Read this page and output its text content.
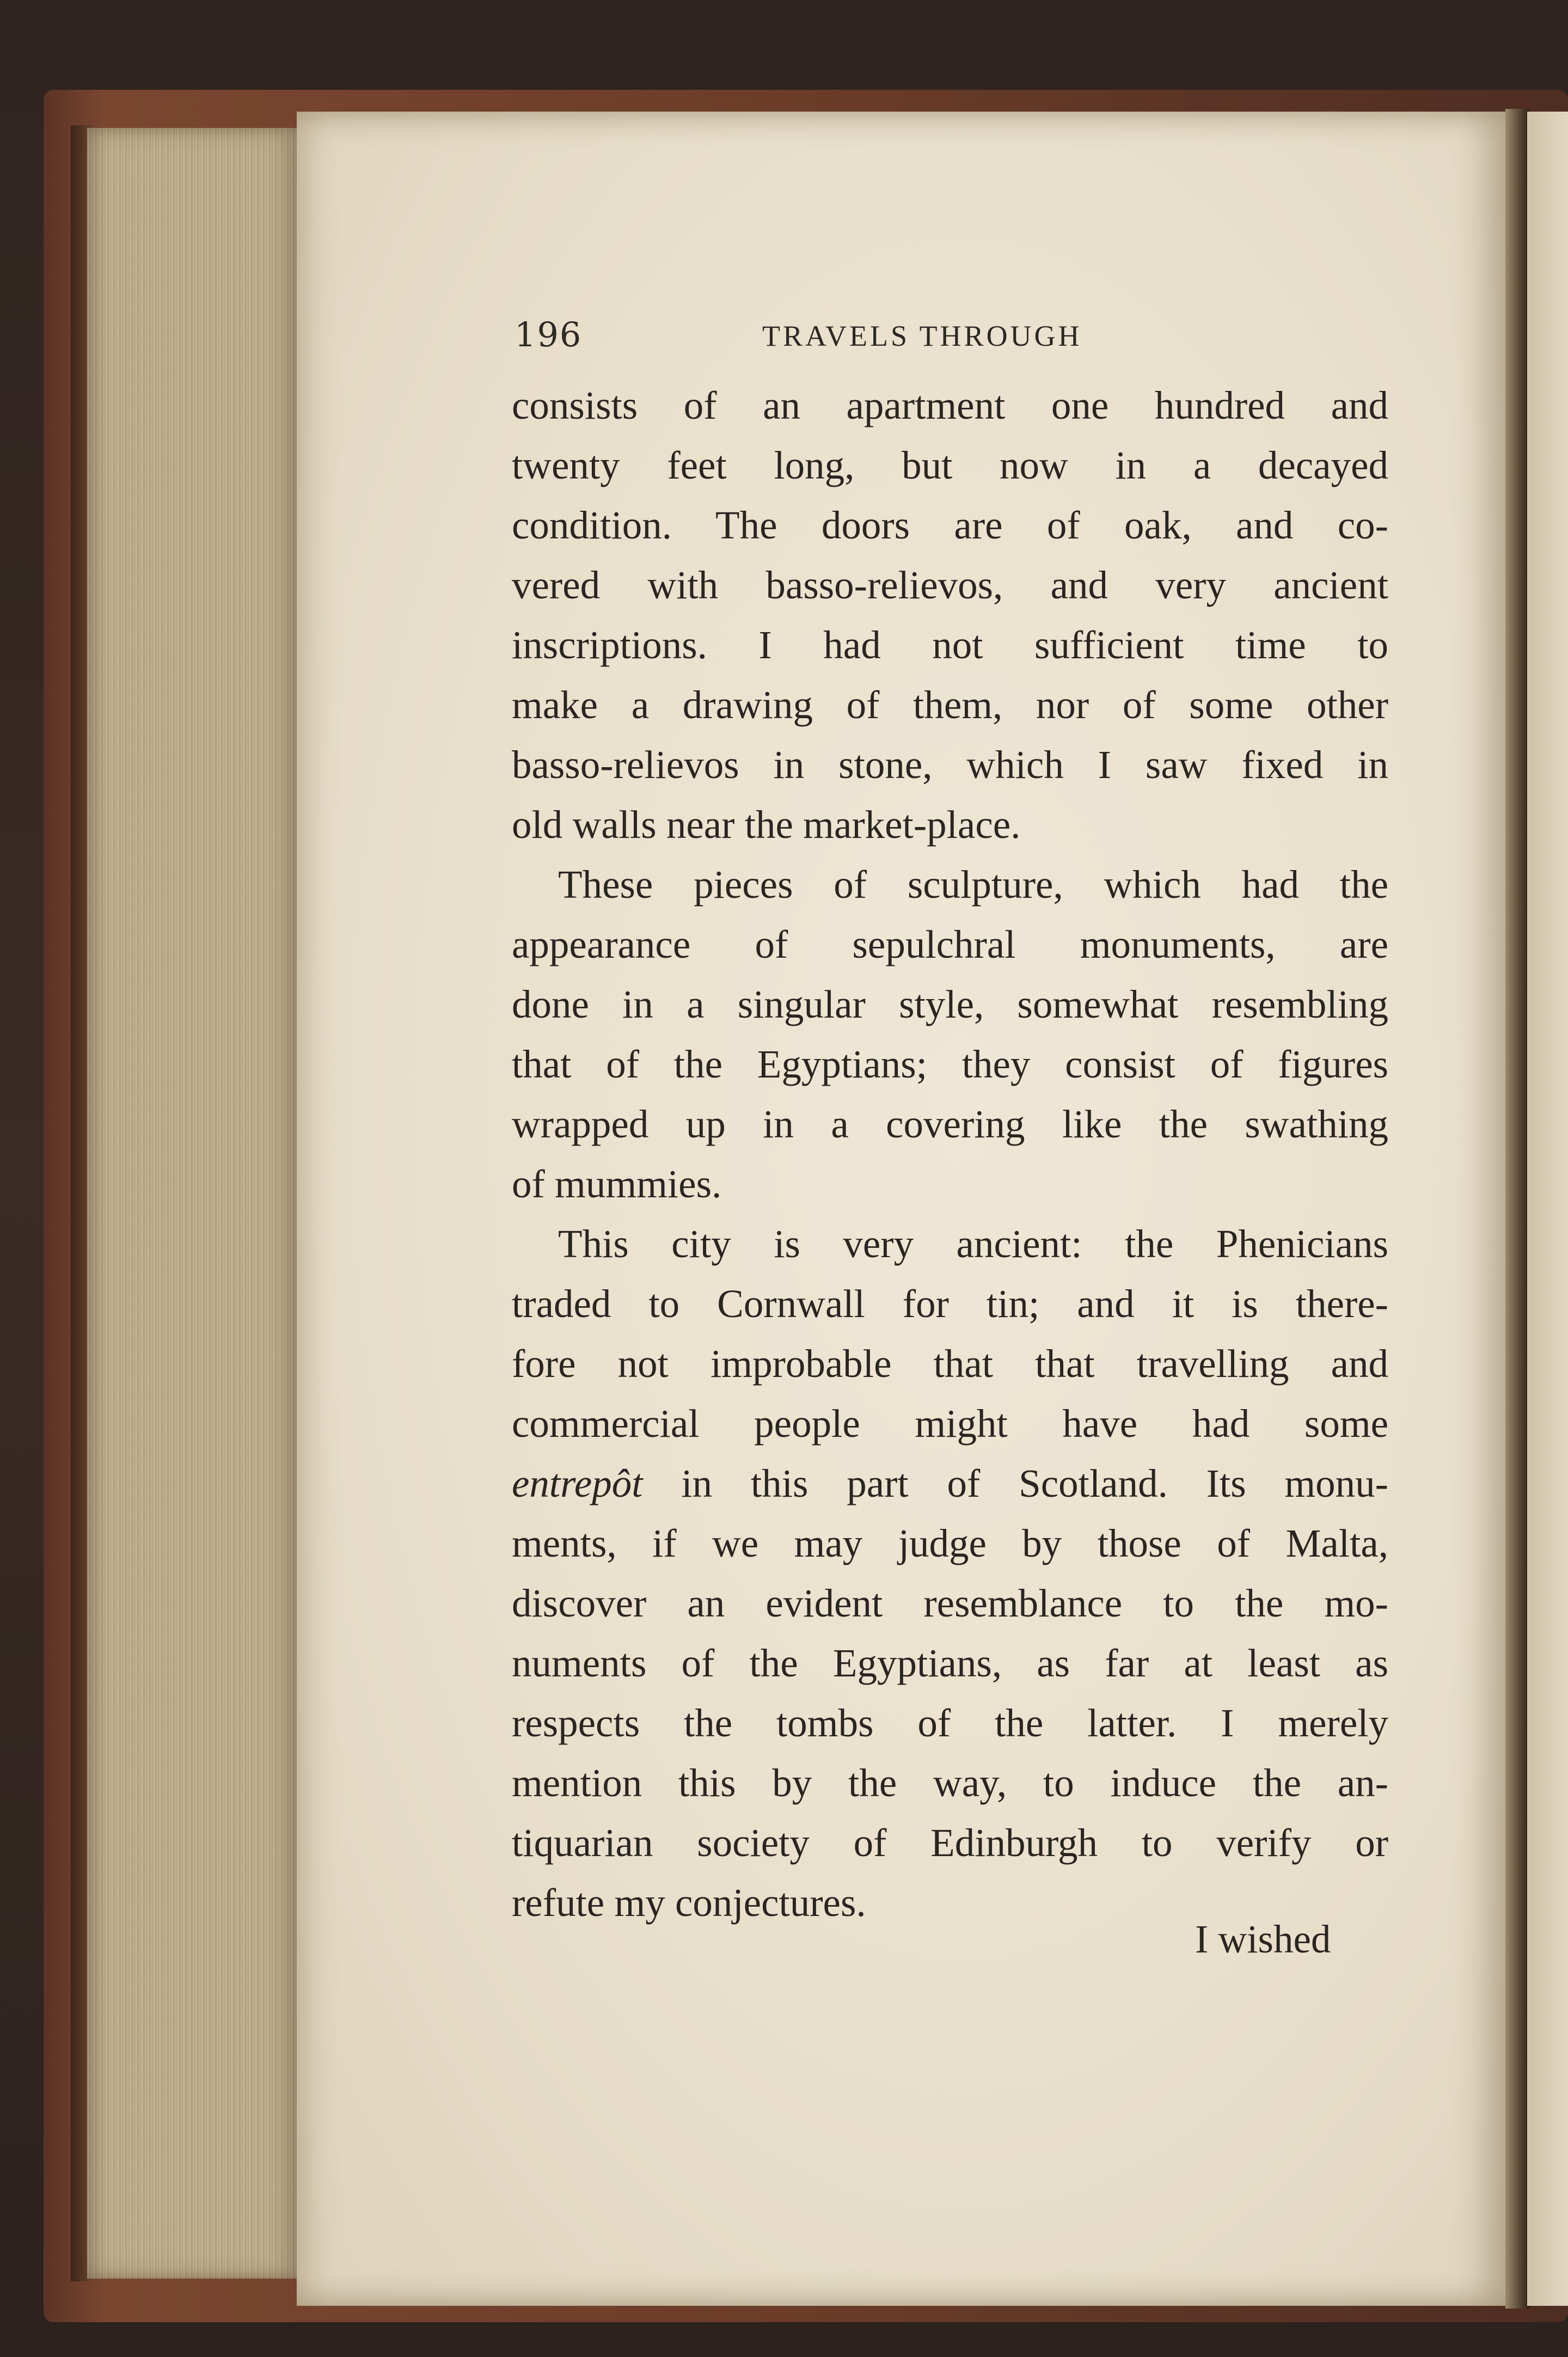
196	TRAVELS THROUGH
consists of an apartment one hundred and
twenty feet long, but now in a decayed
condition. The doors are of oak, and co-
vered with basso-relievos, and very ancient
inscriptions. I had not sufficient time to
make a drawing of them, nor of some other
basso-relievos in stone, which I saw fixed in
old walls near the market-place.
These pieces of sculpture, which had the
appearance of sepulchral monuments, are
done in a singular style, somewhat resembling
that of the Egyptians; they consist of figures
wrapped up in a covering like the swathing
of mummies.
This city is very ancient: the Phenicians
traded to Cornwall for tin; and it is there-
fore not improbable that that travelling and
commercial people might have had some
entrepôt in this part of Scotland. Its monu-
ments, if we may judge by those of Malta,
discover an evident resemblance to the mo-
numents of the Egyptians, as far at least as
respects the tombs of the latter. I merely
mention this by the way, to induce the an-
tiquarian society of Edinburgh to verify or
refute my conjectures.
I wished
